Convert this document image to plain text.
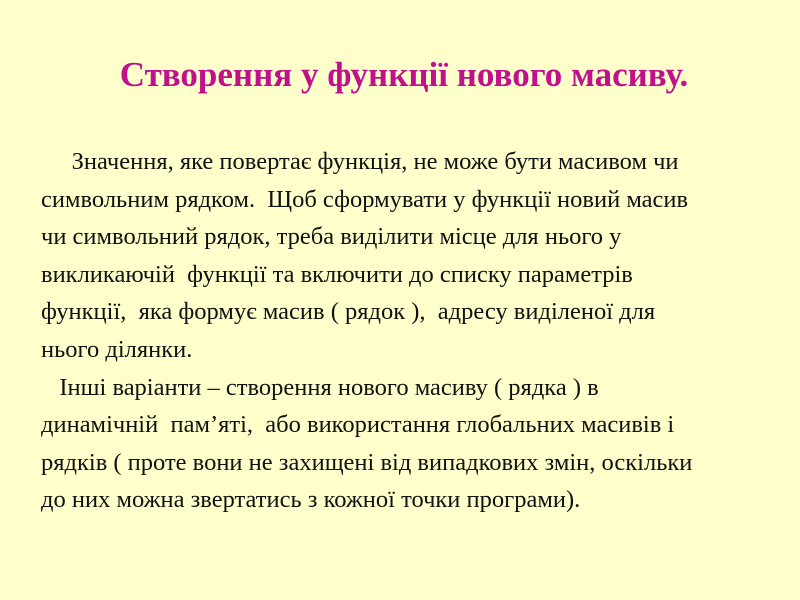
Створення у функції нового масиву.
Значення, яке повертає функція, не може бути масивом чи
символьним рядком.  Щоб сформувати у функції новий масив
чи символьний рядок, треба виділити місце для нього у
викликаючій  функції та включити до списку параметрів
функції,  яка формує масив ( рядок ),  адресу виділеної для
нього ділянки.
Інші варіанти – створення нового масиву ( рядка ) в
динамічній  пам’яті,  або використання глобальних масивів і
рядків ( проте вони не захищені від випадкових змін, оскільки
до них можна звертатись з кожної точки програми).
